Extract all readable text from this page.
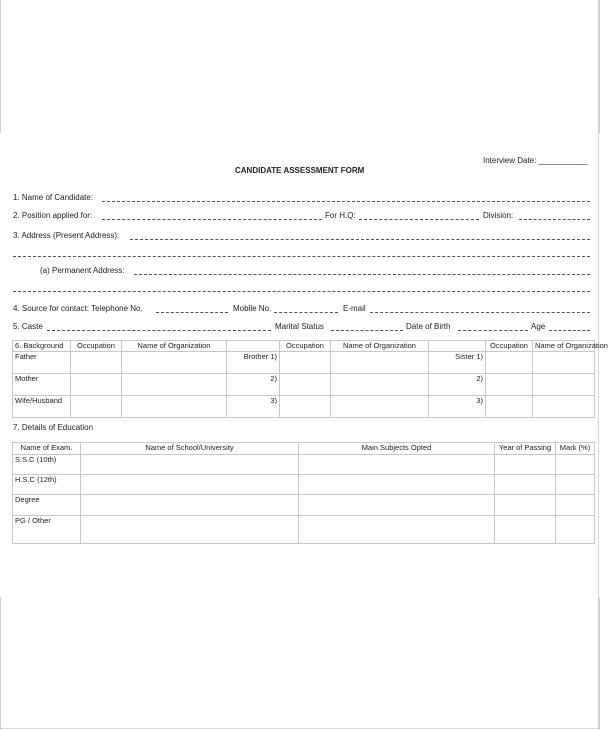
Interview Date: ___________
CANDIDATE ASSESSMENT FORM
1. Name of Candidate:
2. Position applied for:	For H.Q:	Division:
3. Address (Present Address):
(a) Permanent Address:
4. Source for contact: Telephone No.	Mobile No.	E-mail
5. Caste	Marital Status	Date of Birth	Age
6. Background	Occupation	Name of Organization		Occupation	Name of Organization		Occupation	Name of Organization
Father			Brother 1)			Sister 1)		
Mother			2)			2)		
Wife/Husband			3)			3)		
7. Details of Education
Name of Exam.	Name of School/University	Main Subjects Opted	Year of Passing	Mark (%)
S.S.C (10th)				
H.S.C (12th)				
Degree				
PG / Other				
